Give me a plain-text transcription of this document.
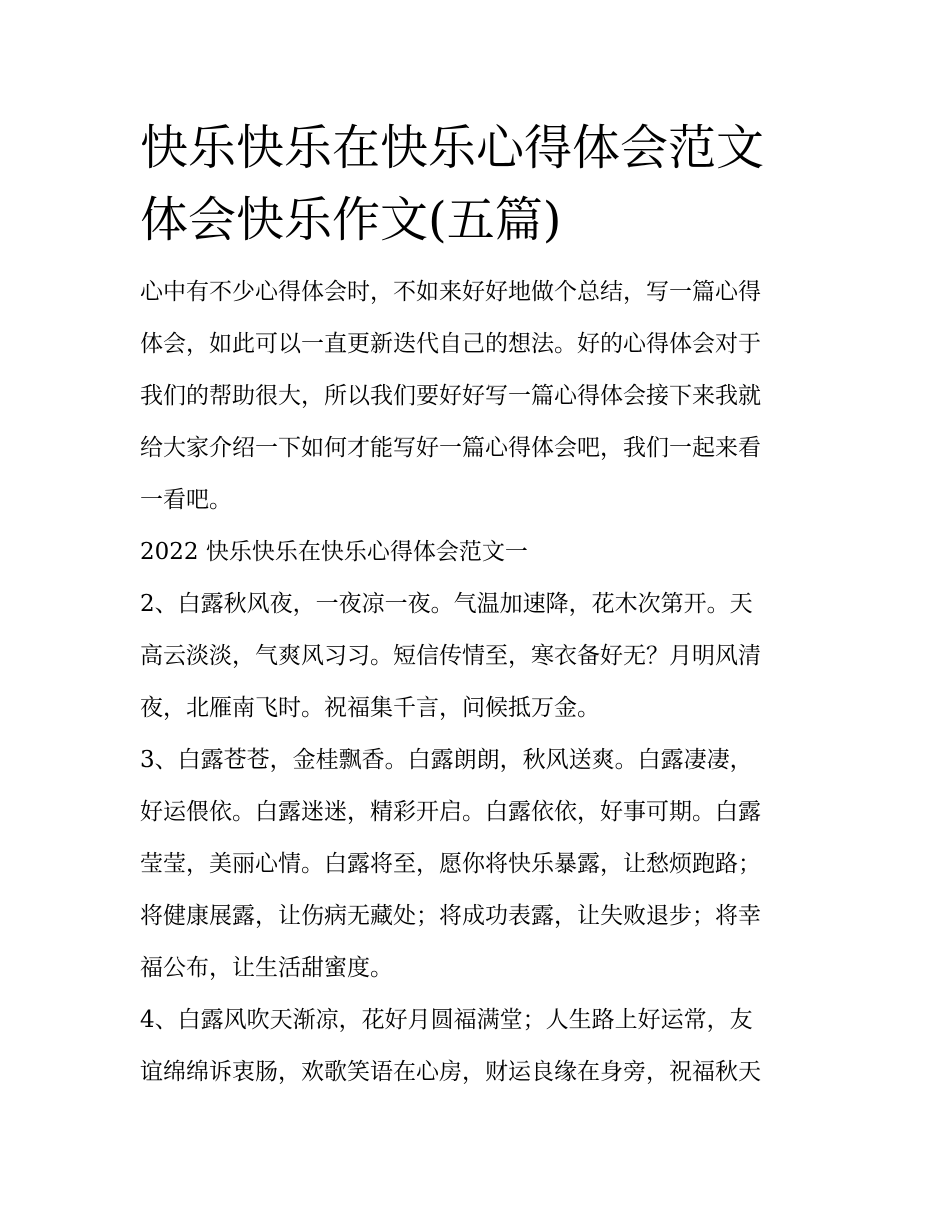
快乐快乐在快乐心得体会范文
体会快乐作文(五篇)

心中有不少心得体会时，不如来好好地做个总结，写一篇心得
体会，如此可以一直更新迭代自己的想法。好的心得体会对于
我们的帮助很大，所以我们要好好写一篇心得体会接下来我就
给大家介绍一下如何才能写好一篇心得体会吧，我们一起来看
一看吧。

2022 快乐快乐在快乐心得体会范文一

2、白露秋风夜，一夜凉一夜。气温加速降，花木次第开。天
高云淡淡，气爽风习习。短信传情至，寒衣备好无？月明风清
夜，北雁南飞时。祝福集千言，问候抵万金。

3、白露苍苍，金桂飘香。白露朗朗，秋风送爽。白露凄凄，
好运偎依。白露迷迷，精彩开启。白露依依，好事可期。白露
莹莹，美丽心情。白露将至，愿你将快乐暴露，让愁烦跑路；
将健康展露，让伤病无藏处；将成功表露，让失败退步；将幸
福公布，让生活甜蜜度。

4、白露风吹天渐凉，花好月圆福满堂；人生路上好运常，友
谊绵绵诉衷肠，欢歌笑语在心房，财运良缘在身旁，祝福秋天
